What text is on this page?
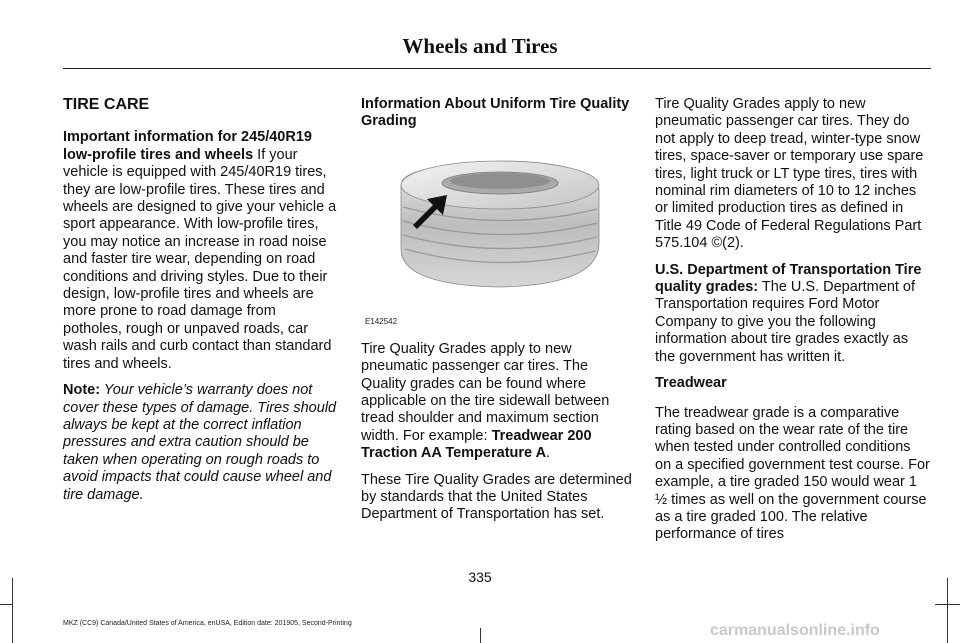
Wheels and Tires
TIRE CARE

Important information for 245/40R19 low-profile tires and wheels If your vehicle is equipped with 245/40R19 tires, they are low-profile tires. These tires and wheels are designed to give your vehicle a sport appearance. With low-profile tires, you may notice an increase in road noise and faster tire wear, depending on road conditions and driving styles. Due to their design, low-profile tires and wheels are more prone to road damage from potholes, rough or unpaved roads, car wash rails and curb contact than standard tires and wheels.

Note: Your vehicle’s warranty does not cover these types of damage. Tires should always be kept at the correct inflation pressures and extra caution should be taken when operating on rough roads to avoid impacts that could cause wheel and tire damage.

Information About Uniform Tire Quality Grading
E142542

Tire Quality Grades apply to new pneumatic passenger car tires. The Quality grades can be found where applicable on the tire sidewall between tread shoulder and maximum section width. For example: Treadwear 200 Traction AA Temperature A.

These Tire Quality Grades are determined by standards that the United States Department of Transportation has set.

Tire Quality Grades apply to new pneumatic passenger car tires. They do not apply to deep tread, winter-type snow tires, space-saver or temporary use spare tires, light truck or LT type tires, tires with nominal rim diameters of 10 to 12 inches or limited production tires as defined in Title 49 Code of Federal Regulations Part 575.104 ©(2).

U.S. Department of Transportation Tire quality grades: The U.S. Department of Transportation requires Ford Motor Company to give you the following information about tire grades exactly as the government has written it.

Treadwear

The treadwear grade is a comparative rating based on the wear rate of the tire when tested under controlled conditions on a specified government test course. For example, a tire graded 150 would wear 1 ½ times as well on the government course as a tire graded 100. The relative performance of tires

335
MKZ (CC9) Canada/United States of America, enUSA, Edition date: 201905, Second-Printing	carmanualsonline.info
